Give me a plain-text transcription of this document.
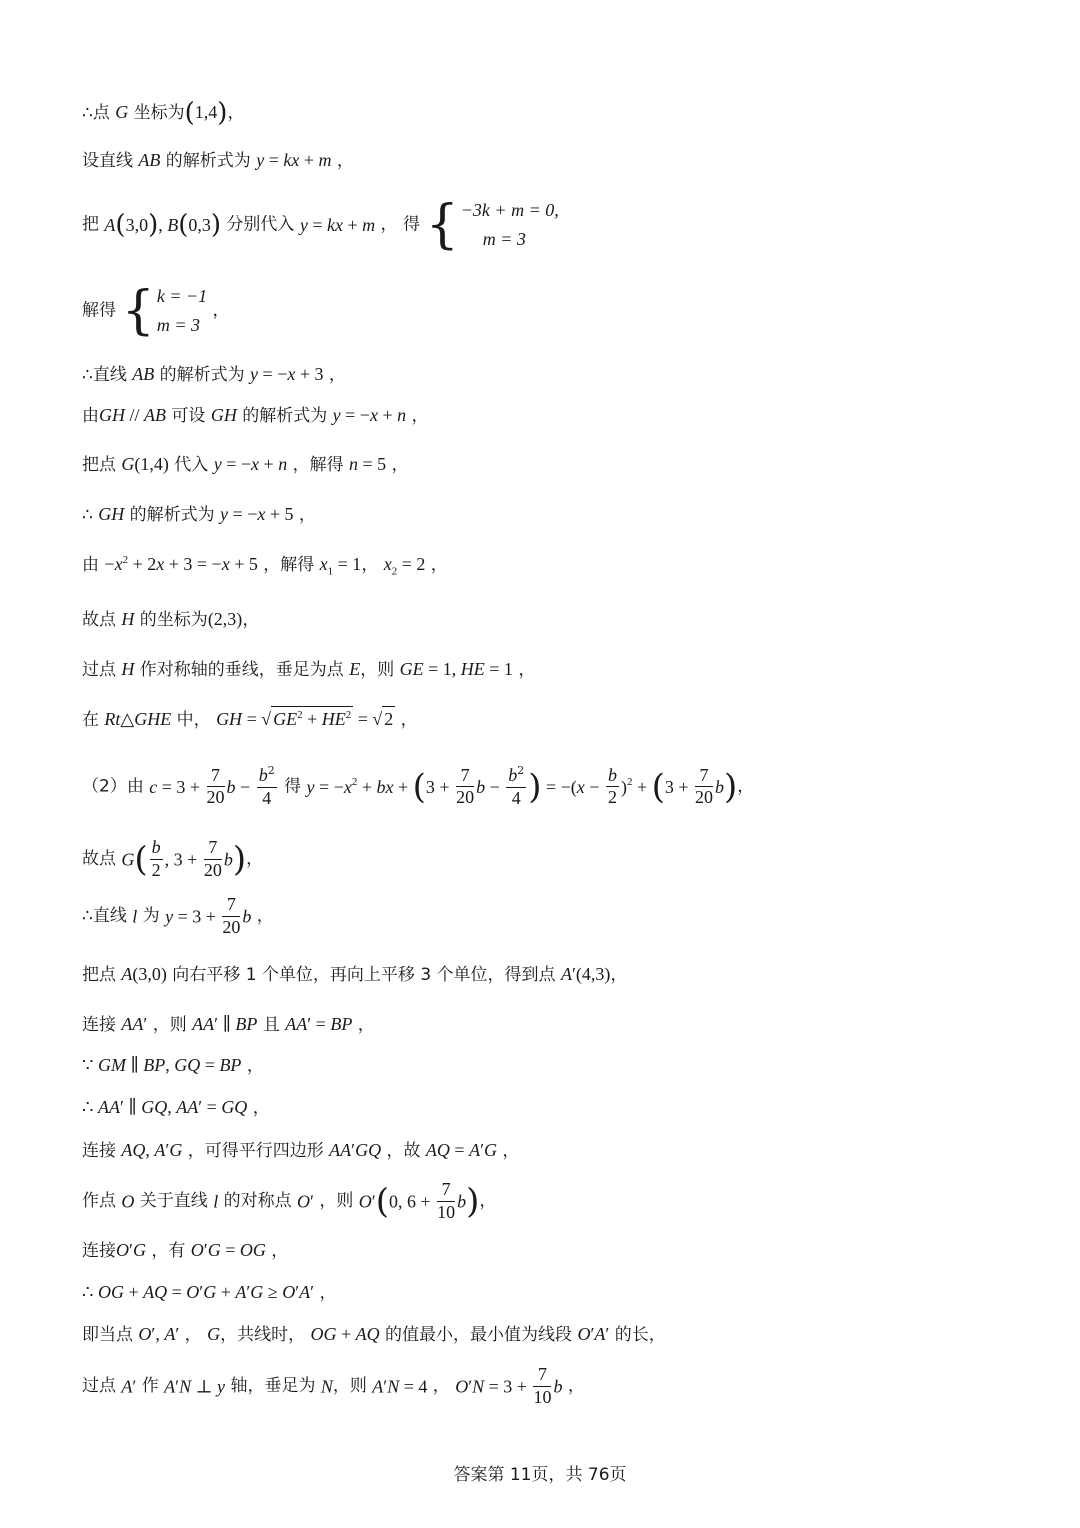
∴点 G 坐标为(1,4)，
设直线 AB 的解析式为 y = kx + m ，
把 A(3,0), B(0,3) 分别代入 y = kx + m ， 得 { −3k + m = 0,
m = 3
解得 { k = −1
m = 3
，
∴直线 AB 的解析式为 y = −x + 3 ，
由GH // AB 可设 GH 的解析式为 y = −x + n ，
把点 G(1,4) 代入 y = −x + n ，解得 n = 5 ，
∴ GH 的解析式为 y = −x + 5 ，
由 $-x^2 + 2x + 3 = -x + 5$ ，解得 $x_1 = 1$， $x_2 = 2$ ，
故点 H 的坐标为(2,3)，
过点 H 作对称轴的垂线，垂足为点 E，则 GE = 1, HE = 1 ，
在 Rt△GHE 中， GH = √ $GE^2 + HE^2$ = √ 2 ，
（2）由 $c = 3 + \frac{7}{20}$ $b - \frac{b^2}{4}$ 得 $y = -x^2$ + bx + ($3 + \frac{7}{20}$ $b - \frac{b^2}{4}$ ) = $-(x - \frac{b}{2} )^2 + (3 + \frac{7}{20} b)$，
故点 $G( \frac{b}{2}$ , $3 + \frac{7}{20} b$)，
∴直线 l 为 $y = 3 + \frac{7}{20}$ b ，
把点 A(3,0) 向右平移 1 个单位，再向上平移 3 个单位，得到点 A′(4,3)，
连接 AA′ ，则 AA′ ∥ BP 且 AA′ = BP ，
∵ GM ∥ BP, GQ = BP ，
∴ AA′ ∥ GQ, AA′ = GQ ，
连接 AQ, A′G ，可得平行四边形 AA′GQ ，故 AQ = A′G ，
作点 O 关于直线 l 的对称点 O′ ，则 O′(0, $6 + \frac{7}{10} b$)，
连接O′G ，有 O′G = OG ，
∴ OG + AQ = O′G + A′G ≥ O′A′ ，
即当点 O′, A′ ， G，共线时， OG + AQ 的值最小，最小值为线段 O′A′ 的长，
过点 A′ 作 A′N ⊥ y 轴，垂足为 N，则 A′N = 4 ， $O'N = 3 + \frac{7}{10}$ b ，
答案第 11页，共 76页
